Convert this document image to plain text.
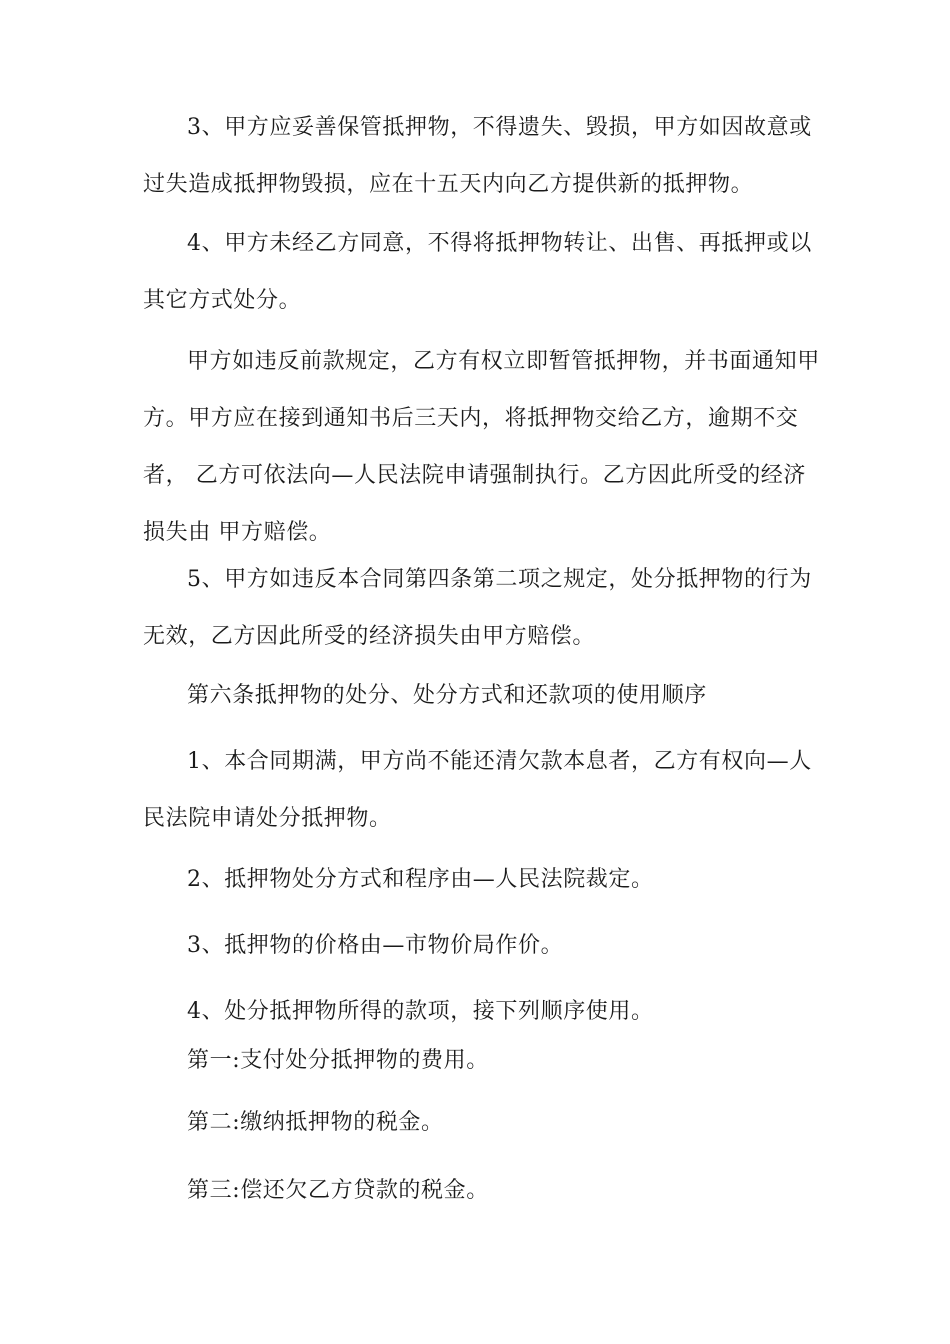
3、甲方应妥善保管抵押物，不得遗失、毁损，甲方如因故意或过失造成抵押物毁损，应在十五天内向乙方提供新的抵押物。

4、甲方未经乙方同意，不得将抵押物转让、出售、再抵押或以其它方式处分。

甲方如违反前款规定，乙方有权立即暂管抵押物，并书面通知甲方。甲方应在接到通知书后三天内，将抵押物交给乙方，逾期不交者， 乙方可依法向—人民法院申请强制执行。乙方因此所受的经济损失由 甲方赔偿。

5、甲方如违反本合同第四条第二项之规定，处分抵押物的行为无效，乙方因此所受的经济损失由甲方赔偿。

第六条抵押物的处分、处分方式和还款项的使用顺序

1、本合同期满，甲方尚不能还清欠款本息者，乙方有权向—人民法院申请处分抵押物。

2、抵押物处分方式和程序由—人民法院裁定。

3、抵押物的价格由—市物价局作价。

4、处分抵押物所得的款项，接下列顺序使用。

第一:支付处分抵押物的费用。

第二:缴纳抵押物的税金。

第三:偿还欠乙方贷款的税金。
